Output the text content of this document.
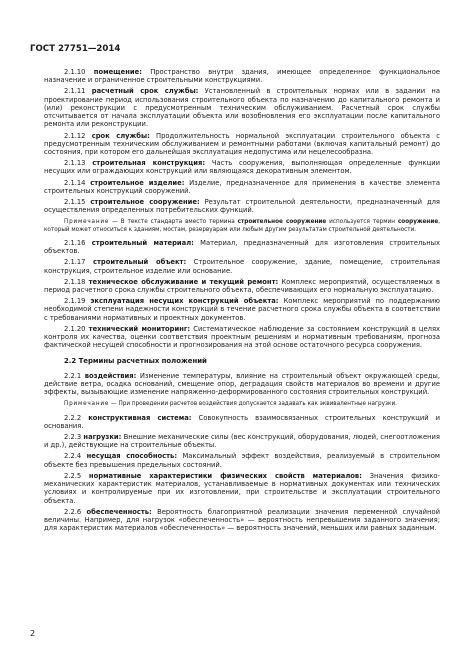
ГОСТ 27751—2014

2.1.10 помещение: Пространство внутри здания, имеющее определенное функциональное назначение и ограниченное строительными конструкциями.

2.1.11 расчетный срок службы: Установленный в строительных нормах или в задании на проектирование период использования строительного объекта по назначению до капитального ремонта и (или) реконструкции с предусмотренным техническим обслуживанием. Расчетный срок службы отсчитывается от начала эксплуатации объекта или возобновления его эксплуатации после капитального ремонта или реконструкции.

2.1.12 срок службы: Продолжительность нормальной эксплуатации строительного объекта с предусмотренным техническим обслуживанием и ремонтными работами (включая капитальный ремонт) до состояния, при котором его дальнейшая эксплуатация недопустима или нецелесообразна.

2.1.13 строительная конструкция: Часть сооружения, выполняющая определенные функции несущих или ограждающих конструкций или являющаяся декоративным элементом.

2.1.14 строительное изделие: Изделие, предназначенное для применения в качестве элемента строительных конструкций сооружений.

2.1.15 строительное сооружение: Результат строительной деятельности, предназначенный для осуществления определенных потребительских функций.

Примечание — В тексте стандарта вместо термина строительное сооружение используется термин сооружение, который может относиться к зданиям, мостам, резервуарам или любым другим результатам строительной деятельности.

2.1.16 строительный материал: Материал, предназначенный для изготовления строительных объектов.

2.1.17 строительный объект: Строительное сооружение, здание, помещение, строительная конструкция, строительное изделие или основание.

2.1.18 техническое обслуживание и текущий ремонт: Комплекс мероприятий, осуществляемых в период расчетного срока службы строительного объекта, обеспечивающих его нормальную эксплуатацию.

2.1.19 эксплуатация несущих конструкций объекта: Комплекс мероприятий по поддержанию необходимой степени надежности конструкций в течение расчетного срока службы объекта в соответствии с требованиями нормативных и проектных документов.

2.1.20 технический мониторинг: Систематическое наблюдение за состоянием конструкций в целях контроля их качества, оценки соответствия проектным решениям и нормативным требованиям, прогноза фактической несущей способности и прогнозирования на этой основе остаточного ресурса сооружения.

2.2 Термины расчетных положений

2.2.1 воздействия: Изменение температуры, влияние на строительный объект окружающей среды, действие ветра, осадка оснований, смещение опор, деградация свойств материалов во времени и другие эффекты, вызывающие изменение напряженно-деформированного состояния строительных конструкций.

Примечание — При проведении расчетов воздействия допускается задавать как эквивалентные нагрузки.

2.2.2 конструктивная система: Совокупность взаимосвязанных строительных конструкций и основания.

2.2.3 нагрузки: Внешние механические силы (вес конструкций, оборудования, людей, снегоотложения и др.), действующие на строительные объекты.

2.2.4 несущая способность: Максимальный эффект воздействия, реализуемый в строительном объекте без превышения предельных состояний.

2.2.5 нормативные характеристики физических свойств материалов: Значения физико-механических характеристик материалов, устанавливаемые в нормативных документах или технических условиях и контролируемые при их изготовлении, при строительстве и эксплуатации строительного объекта.

2.2.6 обеспеченность: Вероятность благоприятной реализации значения переменной случайной величины. Например, для нагрузок «обеспеченность» — вероятность непревышения заданного значения; для характеристик материалов «обеспеченность» — вероятность значений, меньших или равных заданным.

2
